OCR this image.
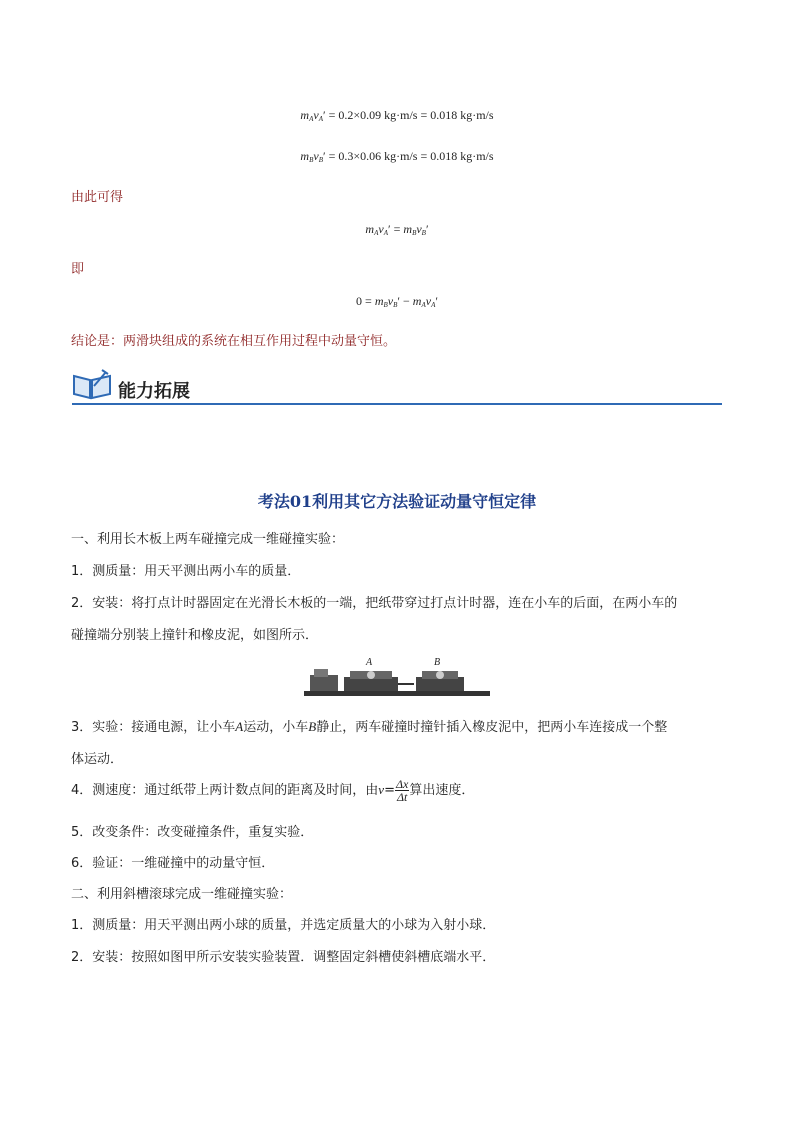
$m_Av_A' = 0.2\times 0.09$ kg·m/s = 0.018 kg·m/s
$m_Bv_B' = 0.3\times 0.06$ kg·m/s = 0.018 kg·m/s
由此可得
$m_Av_A' = m_Bv_B'$
即
$0 = m_Bv_B' - m_Av_A'$
结论是：两滑块组成的系统在相互作用过程中动量守恒。
能力拓展
考法01利用其它方法验证动量守恒定律
一、利用长木板上两车碰撞完成一维碰撞实验：
1．测质量：用天平测出两小车的质量．
2．安装：将打点计时器固定在光滑长木板的一端，把纸带穿过打点计时器，连在小车的后面，在两小车的
碰撞端分别装上撞针和橡皮泥，如图所示．
A	B
3．实验：接通电源，让小车A运动，小车B静止，两车碰撞时撞针插入橡皮泥中，把两小车连接成一个整
体运动．
4．测速度：通过纸带上两计数点间的距离及时间，由$v= \frac{\Delta x}{\Delta t}$ 算出速度．
5．改变条件：改变碰撞条件，重复实验．
6．验证：一维碰撞中的动量守恒．
二、利用斜槽滚球完成一维碰撞实验：
1．测质量：用天平测出两小球的质量，并选定质量大的小球为入射小球．
2．安装：按照如图甲所示安装实验装置．调整固定斜槽使斜槽底端水平．
